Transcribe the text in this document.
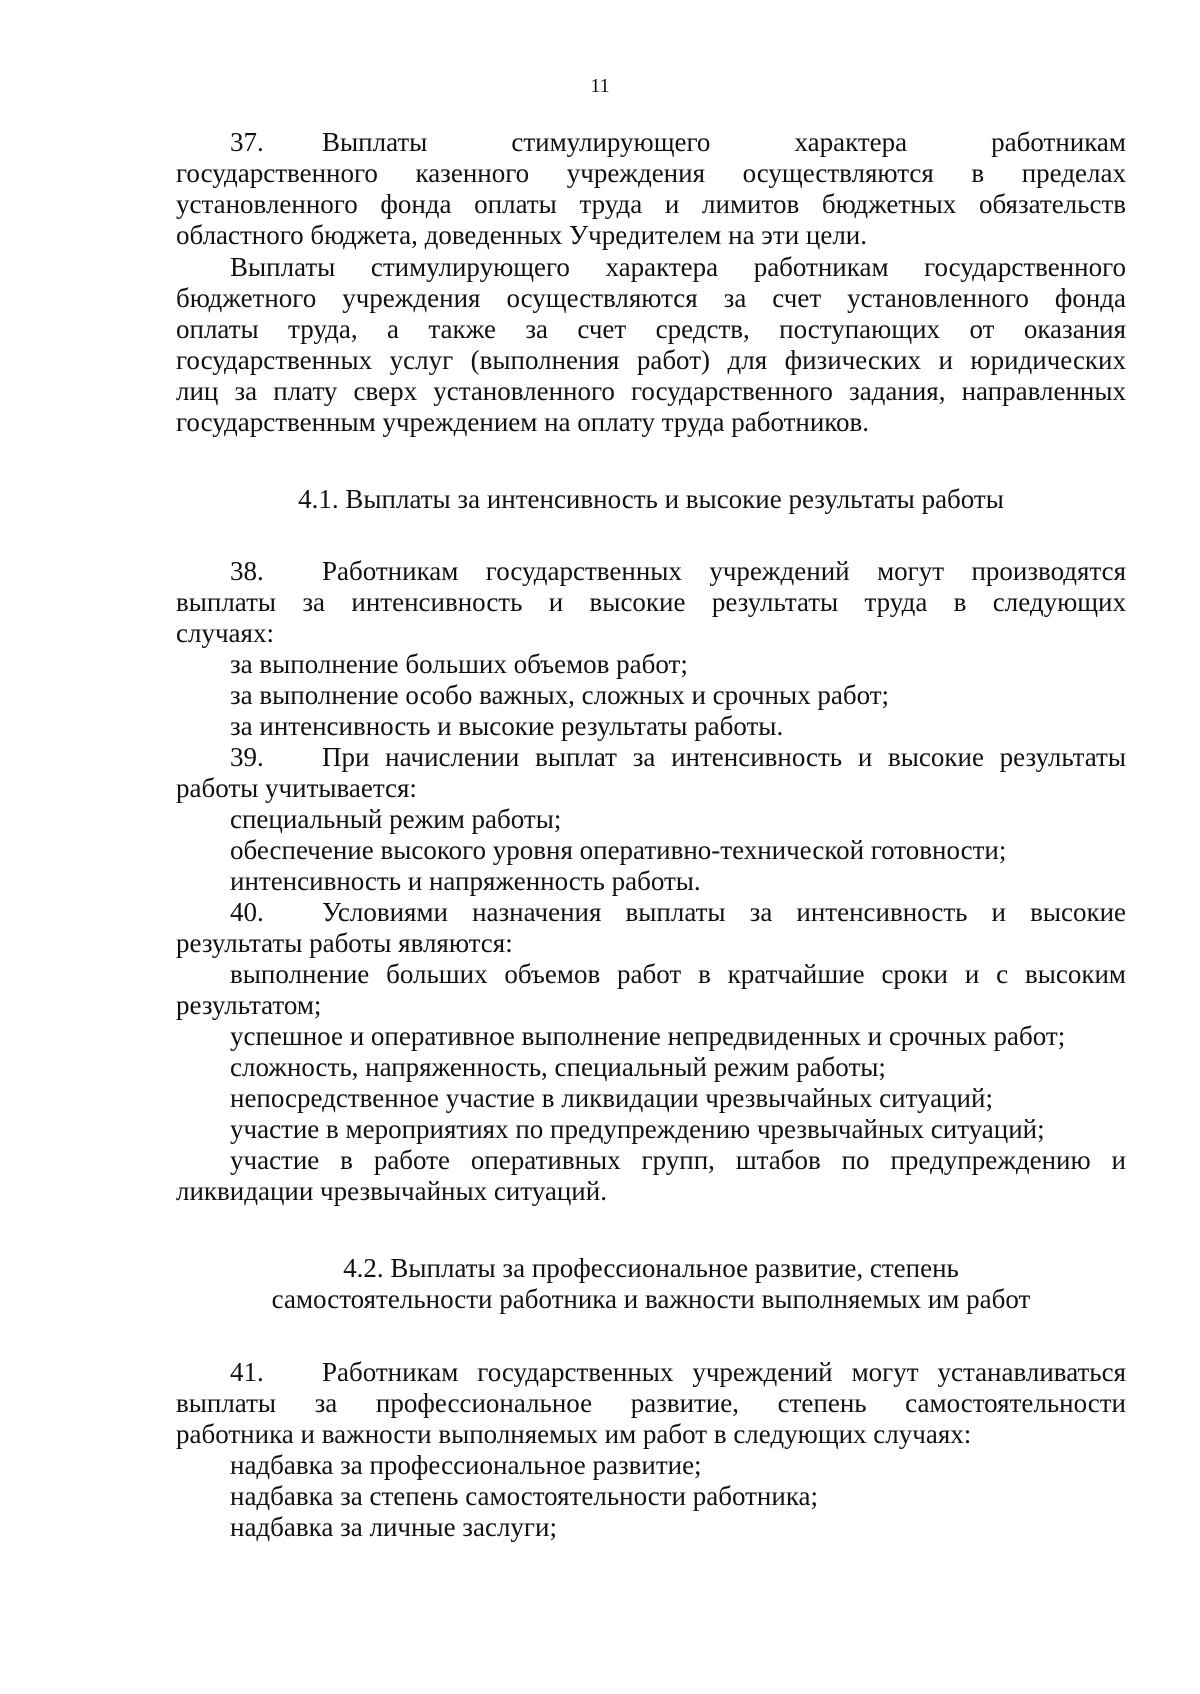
11
37. Выплаты стимулирующего характера работникам
государственного казенного учреждения осуществляются в пределах
установленного фонда оплаты труда и лимитов бюджетных обязательств
областного бюджета, доведенных Учредителем на эти цели.
Выплаты стимулирующего характера работникам государственного
бюджетного учреждения осуществляются за счет установленного фонда
оплаты труда, а также за счет средств, поступающих от оказания
государственных услуг (выполнения работ) для физических и юридических
лиц за плату сверх установленного государственного задания, направленных
государственным учреждением на оплату труда работников.
4.1. Выплаты за интенсивность и высокие результаты работы
38. Работникам государственных учреждений могут производятся
выплаты за интенсивность и высокие результаты труда в следующих
случаях:
за выполнение больших объемов работ;
за выполнение особо важных, сложных и срочных работ;
за интенсивность и высокие результаты работы.
39. При начислении выплат за интенсивность и высокие результаты
работы учитывается:
специальный режим работы;
обеспечение высокого уровня оперативно-технической готовности;
интенсивность и напряженность работы.
40. Условиями назначения выплаты за интенсивность и высокие
результаты работы являются:
выполнение больших объемов работ в кратчайшие сроки и с высоким
результатом;
успешное и оперативное выполнение непредвиденных и срочных работ;
сложность, напряженность, специальный режим работы;
непосредственное участие в ликвидации чрезвычайных ситуаций;
участие в мероприятиях по предупреждению чрезвычайных ситуаций;
участие в работе оперативных групп, штабов по предупреждению и
ликвидации чрезвычайных ситуаций.
4.2. Выплаты за профессиональное развитие, степень
самостоятельности работника и важности выполняемых им работ
41. Работникам государственных учреждений могут устанавливаться
выплаты за профессиональное развитие, степень самостоятельности
работника и важности выполняемых им работ в следующих случаях:
надбавка за профессиональное развитие;
надбавка за степень самостоятельности работника;
надбавка за личные заслуги;
